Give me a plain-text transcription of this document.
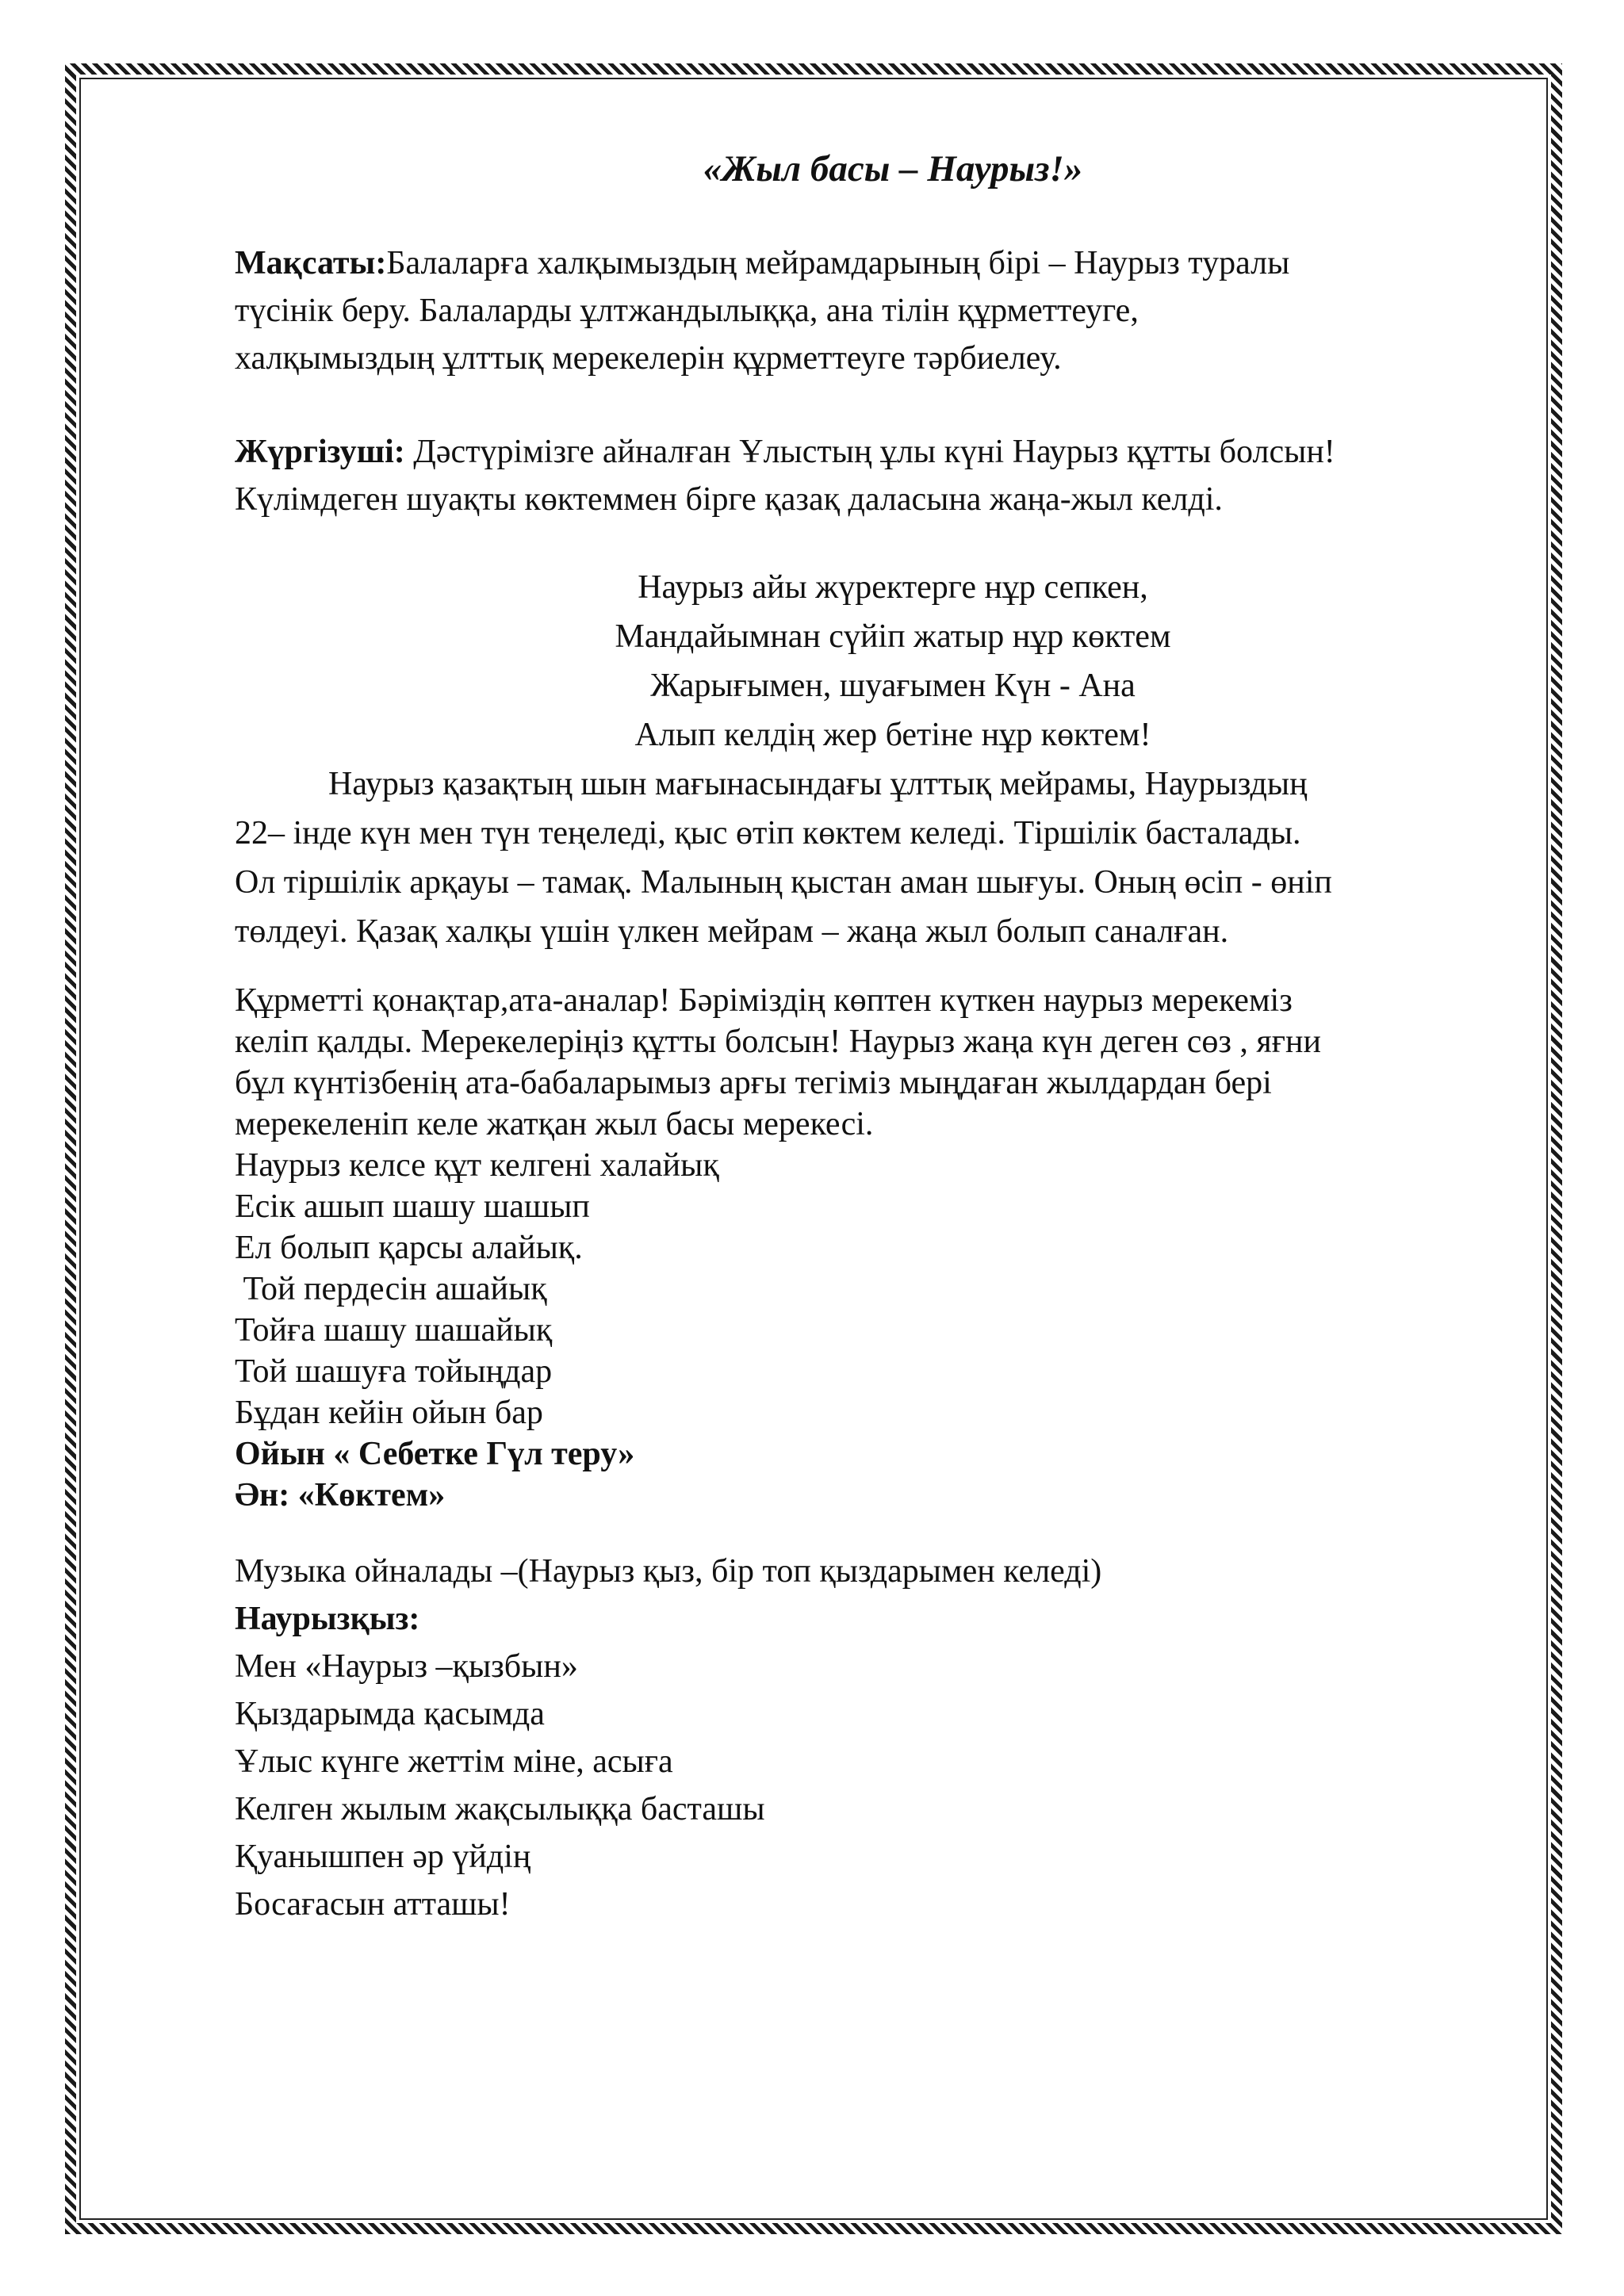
«Жыл басы – Наурыз!»

Мақсаты:Балаларға халқымыздың мейрамдарының бірі – Наурыз туралы
түсінік беру. Балаларды ұлтжандылыққа, ана тілін құрметтеуге,
халқымыздың ұлттық мерекелерін құрметтеуге тәрбиелеу.

Жүргізуші: Дәстүрімізге айналған Ұлыстың ұлы күні Наурыз құтты болсын!
Күлімдеген шуақты көктеммен бірге қазақ даласына жаңа-жыл келді.

Наурыз айы жүректерге нұр сепкен,
Мандайымнан сүйіп жатыр нұр көктем
Жарығымен, шуағымен Күн - Ана
Алып келдің жер бетіне нұр көктем!
Наурыз қазақтың шын мағынасындағы ұлттық мейрамы, Наурыздың
22– інде күн мен түн теңеледі, қыс өтіп көктем келеді. Тіршілік басталады.
Ол тіршілік арқауы – тамақ. Малының қыстан аман шығуы. Оның өсіп - өніп
төлдеуі. Қазақ халқы үшін үлкен мейрам – жаңа жыл болып саналған.
Құрметті қонақтар,ата-аналар! Бәріміздің көптен күткен наурыз мерекеміз
келіп қалды. Мерекелеріңіз құтты болсын! Наурыз жаңа күн деген сөз , яғни
бұл күнтізбенің ата-бабаларымыз арғы тегіміз мыңдаған жылдардан бері
мерекеленіп келе жатқан жыл басы мерекесі.
Наурыз келсе құт келгені халайық
Есік ашып шашу шашып
Ел болып қарсы алайық.
Той пердесін ашайық
Тойға шашу шашайық
Той шашуға тойыңдар
Бұдан кейін ойын бар
Ойын « Себетке Гүл теру»
Ән: «Көктем»
Музыка ойналады –(Наурыз қыз, бір топ қыздарымен келеді)
Наурызқыз:
Мен «Наурыз –қызбын»
Қыздарымда қасымда
Ұлыс күнге жеттім міне, асыға
Келген жылым жақсылыққа басташы
Қуанышпен әр үйдің
Босағасын атташы!
